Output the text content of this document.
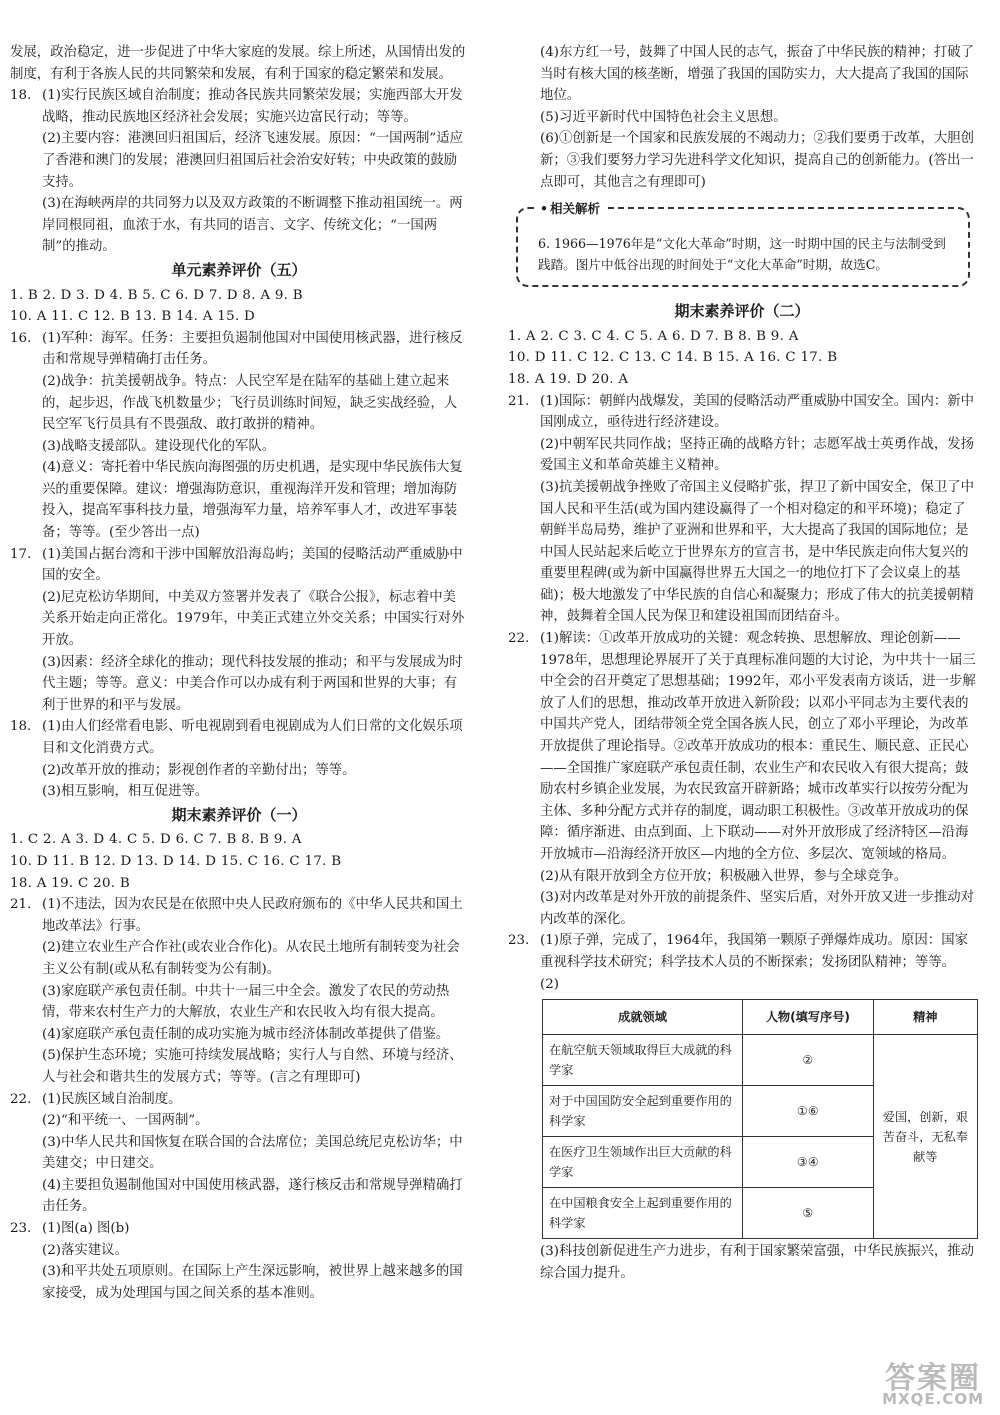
发展，政治稳定，进一步促进了中华大家庭的发展。综上所述，从国情出发的制度，有利于各族人民的共同繁荣和发展，有利于国家的稳定繁荣和发展。
18. (1)实行民族区域自治制度；推动各民族共同繁荣发展；实施西部大开发战略，推动民族地区经济社会发展；实施兴边富民行动；等等。
(2)主要内容：港澳回归祖国后，经济飞速发展。原因：“一国两制”适应了香港和澳门的发展；港澳回归祖国后社会治安好转；中央政策的鼓励支持。
(3)在海峡两岸的共同努力以及双方政策的不断调整下推动祖国统一。两岸同根同祖，血浓于水，有共同的语言、文字、传统文化；“一国两制”的推动。
单元素养评价（五）
1. B 2. D 3. D 4. B 5. C 6. D 7. D 8. A 9. B
10. A 11. C 12. B 13. B 14. A 15. D
16. (1)军种：海军。任务：主要担负遏制他国对中国使用核武器，进行核反击和常规导弹精确打击任务。
(2)战争：抗美援朝战争。特点：人民空军是在陆军的基础上建立起来的，起步迟，作战飞机数量少；飞行员训练时间短，缺乏实战经验，人民空军飞行员具有不畏强敌、敢打敢拼的精神。
(3)战略支援部队。建设现代化的军队。
(4)意义：寄托着中华民族向海图强的历史机遇，是实现中华民族伟大复兴的重要保障。建议：增强海防意识，重视海洋开发和管理；增加海防投入，提高军事科技力量，增强海军力量，培养军事人才，改进军事装备；等等。(至少答出一点)
17. (1)美国占据台湾和干涉中国解放沿海岛屿；美国的侵略活动严重威胁中国的安全。
(2)尼克松访华期间，中美双方签署并发表了《联合公报》，标志着中美关系开始走向正常化。1979年，中美正式建立外交关系；中国实行对外开放。
(3)因素：经济全球化的推动；现代科技发展的推动；和平与发展成为时代主题；等等。意义：中美合作可以办成有利于两国和世界的大事；有利于世界的和平与发展。
18. (1)由人们经常看电影、听电视剧到看电视剧成为人们日常的文化娱乐项目和文化消费方式。
(2)改革开放的推动；影视创作者的辛勤付出；等等。
(3)相互影响，相互促进等。
期末素养评价（一）
1. C 2. A 3. D 4. C 5. D 6. C 7. B 8. B 9. A
10. D 11. B 12. D 13. D 14. D 15. C 16. C 17. B
18. A 19. C 20. B
21. (1)不违法，因为农民是在依照中央人民政府颁布的《中华人民共和国土地改革法》行事。
(2)建立农业生产合作社(或农业合作化)。从农民土地所有制转变为社会主义公有制(或从私有制转变为公有制)。
(3)家庭联产承包责任制。中共十一届三中全会。激发了农民的劳动热情，带来农村生产力的大解放，农业生产和农民收入均有很大提高。
(4)家庭联产承包责任制的成功实施为城市经济体制改革提供了借鉴。
(5)保护生态环境；实施可持续发展战略；实行人与自然、环境与经济、人与社会和谐共生的发展方式；等等。(言之有理即可)
22. (1)民族区域自治制度。
(2)“和平统一、一国两制”。
(3)中华人民共和国恢复在联合国的合法席位；美国总统尼克松访华；中美建交；中日建交。
(4)主要担负遏制他国对中国使用核武器，遂行核反击和常规导弹精确打击任务。
23. (1)图(a) 图(b)
(2)落实建议。
(3)和平共处五项原则。在国际上产生深远影响，被世界上越来越多的国家接受，成为处理国与国之间关系的基本准则。
(4)东方红一号，鼓舞了中国人民的志气，振奋了中华民族的精神；打破了当时有核大国的核垄断，增强了我国的国防实力，大大提高了我国的国际地位。
(5)习近平新时代中国特色社会主义思想。
(6)①创新是一个国家和民族发展的不竭动力；②我们要勇于改革，大胆创新；③我们要努力学习先进科学文化知识，提高自己的创新能力。(答出一点即可，其他言之有理即可)
• 相关解析
6. 1966—1976年是“文化大革命”时期，这一时期中国的民主与法制受到践踏。图片中低谷出现的时间处于“文化大革命”时期，故选C。
期末素养评价（二）
1. A 2. C 3. C 4. C 5. A 6. D 7. B 8. B 9. A
10. D 11. C 12. C 13. C 14. B 15. A 16. C 17. B
18. A 19. D 20. A
21. (1)国际：朝鲜内战爆发，美国的侵略活动严重威胁中国安全。国内：新中国刚成立，亟待进行经济建设。
(2)中朝军民共同作战；坚持正确的战略方针；志愿军战士英勇作战，发扬爱国主义和革命英雄主义精神。
(3)抗美援朝战争挫败了帝国主义侵略扩张，捍卫了新中国安全，保卫了中国人民和平生活(或为国内建设赢得了一个相对稳定的和平环境)；稳定了朝鲜半岛局势，维护了亚洲和世界和平，大大提高了我国的国际地位；是中国人民站起来后屹立于世界东方的宣言书，是中华民族走向伟大复兴的重要里程碑(或为新中国赢得世界五大国之一的地位打下了会议桌上的基础)；极大地激发了中华民族的自信心和凝聚力；形成了伟大的抗美援朝精神，鼓舞着全国人民为保卫和建设祖国而团结奋斗。
22. (1)解读：①改革开放成功的关键：观念转换、思想解放、理论创新——1978年，思想理论界展开了关于真理标准问题的大讨论，为中共十一届三中全会的召开奠定了思想基础；1992年，邓小平发表南方谈话，进一步解放了人们的思想，推动改革开放进入新阶段；以邓小平同志为主要代表的中国共产党人，团结带领全党全国各族人民，创立了邓小平理论，为改革开放提供了理论指导。②改革开放成功的根本：重民生、顺民意、正民心——全国推广家庭联产承包责任制，农业生产和农民收入有很大提高；鼓励农村乡镇企业发展，为农民致富开辟新路；城市改革实行以按劳分配为主体、多种分配方式并存的制度，调动职工积极性。③改革开放成功的保障：循序渐进、由点到面、上下联动——对外开放形成了经济特区—沿海开放城市—沿海经济开放区—内地的全方位、多层次、宽领域的格局。
(2)从有限开放到全方位开放；积极融入世界，参与全球竞争。
(3)对内改革是对外开放的前提条件、坚实后盾，对外开放又进一步推动对内改革的深化。
23. (1)原子弹，完成了，1964年，我国第一颗原子弹爆炸成功。原因：国家重视科学技术研究；科学技术人员的不断探索；发扬团队精神；等等。
(2)
成就领域	人物(填写序号)	精神
在航空航天领域取得巨大成就的科学家	②	爱国，创新，艰苦奋斗，无私奉献等
对于中国国防安全起到重要作用的科学家	①⑥	
在医疗卫生领域作出巨大贡献的科学家	③④	
在中国粮食安全上起到重要作用的科学家	⑤	
(3)科技创新促进生产力进步，有利于国家繁荣富强，中华民族振兴，推动综合国力提升。
答案圈
MXQE.COM
